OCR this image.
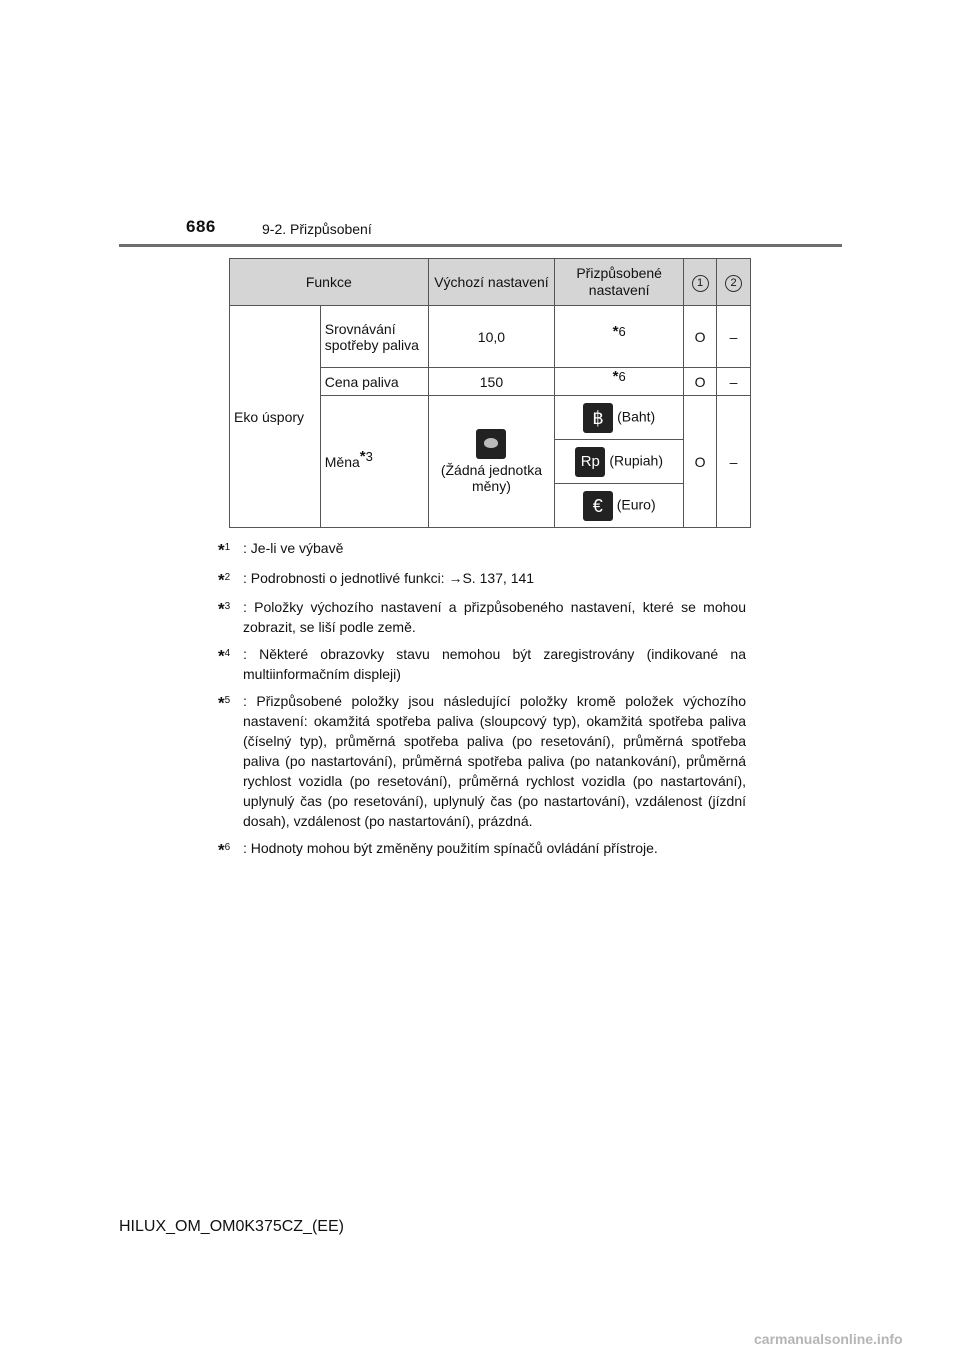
686	9-2. Přizpůsobení
Funkce		Výchozí nastavení	Přizpůsobené nastavení	1	2
Eko úspory	Srovnávání spotřeby paliva	10,0	*6	O	–
	Cena paliva	150	*6	O	–
	Měna*3	(Žádná jednotka měny)	฿ (Baht)	O	–
			Rp (Rupiah)		
			€ (Euro)		
*$^1$ : Je-li ve výbavě
*$^2$ : Podrobnosti o jednotlivé funkci: →S. 137, 141
*$^3$ : Položky výchozího nastavení a přizpůsobeného nastavení, které se mohou zobrazit, se liší podle země.
*$^4$ : Některé obrazovky stavu nemohou být zaregistrovány (indikované na multiinformačním displeji)
*$^5$ : Přizpůsobené položky jsou následující položky kromě položek výchozího nastavení: okamžitá spotřeba paliva (sloupcový typ), okamžitá spotřeba paliva (číselný typ), průměrná spotřeba paliva (po resetování), průměrná spotřeba paliva (po nastartování), průměrná spotřeba paliva (po natankování), průměrná rychlost vozidla (po resetování), průměrná rychlost vozidla (po nastartování), uplynulý čas (po resetování), uplynulý čas (po nastartování), vzdálenost (jízdní dosah), vzdálenost (po nastartování), prázdná.
*$^6$ : Hodnoty mohou být změněny použitím spínačů ovládání přístroje.
HILUX_OM_OM0K375CZ_(EE)
carmanualsonline.info
